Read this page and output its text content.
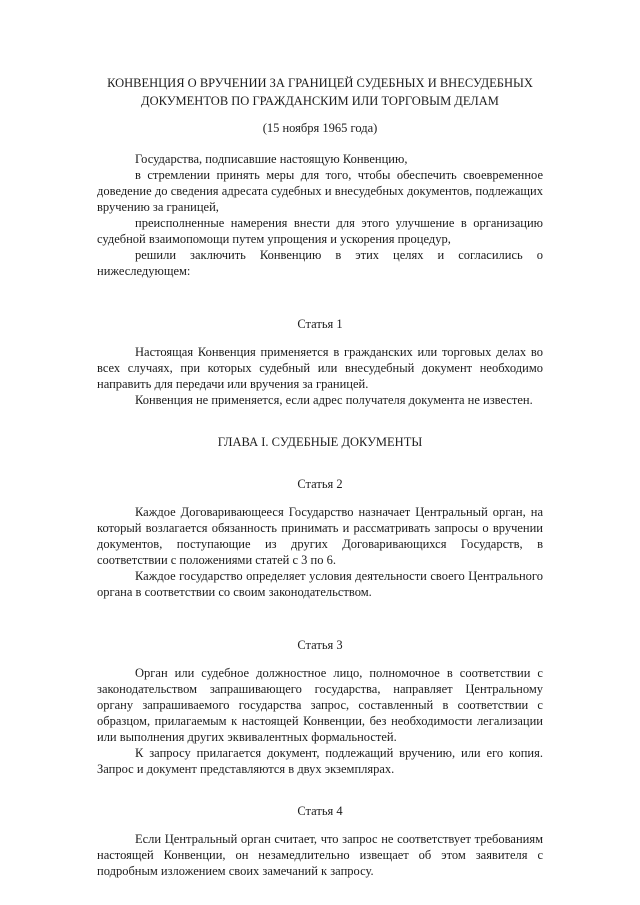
КОНВЕНЦИЯ О ВРУЧЕНИИ ЗА ГРАНИЦЕЙ СУДЕБНЫХ И ВНЕСУДЕБНЫХ ДОКУМЕНТОВ ПО ГРАЖДАНСКИМ ИЛИ ТОРГОВЫМ ДЕЛАМ
(15 ноября 1965 года)

Государства, подписавшие настоящую Конвенцию,

в стремлении принять меры для того, чтобы обеспечить своевременное доведение до сведения адресата судебных и внесудебных документов, подлежащих вручению за границей,

преисполненные намерения внести для этого улучшение в организацию судебной взаимопомощи путем упрощения и ускорения процедур,

решили заключить Конвенцию в этих целях и согласились о нижеследующем:

Статья 1

Настоящая Конвенция применяется в гражданских или торговых делах во всех случаях, при которых судебный или внесудебный документ необходимо направить для передачи или вручения за границей.

Конвенция не применяется, если адрес получателя документа не известен.

ГЛАВА I. СУДЕБНЫЕ ДОКУМЕНТЫ
Статья 2

Каждое Договаривающееся Государство назначает Центральный орган, на который возлагается обязанность принимать и рассматривать запросы о вручении документов, поступающие из других Договаривающихся Государств, в соответствии с положениями статей с 3 по 6.

Каждое государство определяет условия деятельности своего Центрального органа в соответствии со своим законодательством.

Статья 3

Орган или судебное должностное лицо, полномочное в соответствии с законодательством запрашивающего государства, направляет Центральному органу запрашиваемого государства запрос, составленный в соответствии с образцом, прилагаемым к настоящей Конвенции, без необходимости легализации или выполнения других эквивалентных формальностей.

К запросу прилагается документ, подлежащий вручению, или его копия. Запрос и документ представляются в двух экземплярах.

Статья 4

Если Центральный орган считает, что запрос не соответствует требованиям настоящей Конвенции, он незамедлительно извещает об этом заявителя с подробным изложением своих замечаний к запросу.
